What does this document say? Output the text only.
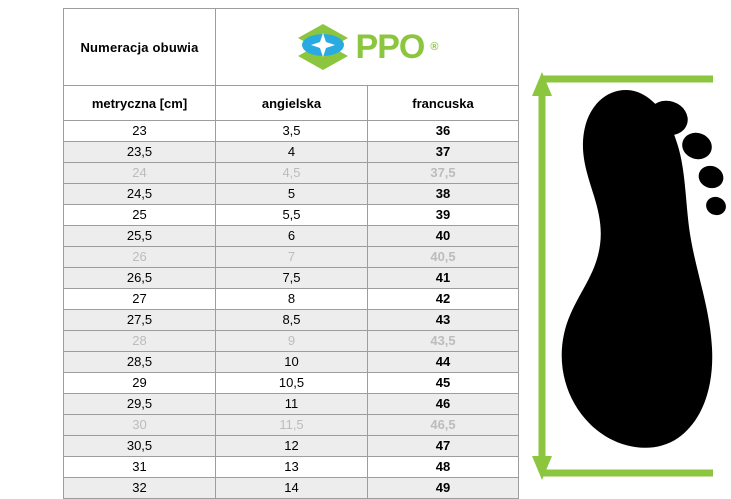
Numeracja obuwia	PPO ®	

metryczna [cm]	angielska	francuska
23	3,5	36
23,5	4	37
24	4,5	37,5
24,5	5	38
25	5,5	39
25,5	6	40
26	7	40,5
26,5	7,5	41
27	8	42
27,5	8,5	43
28	9	43,5
28,5	10	44
29	10,5	45
29,5	11	46
30	11,5	46,5
30,5	12	47
31	13	48
32	14	49
